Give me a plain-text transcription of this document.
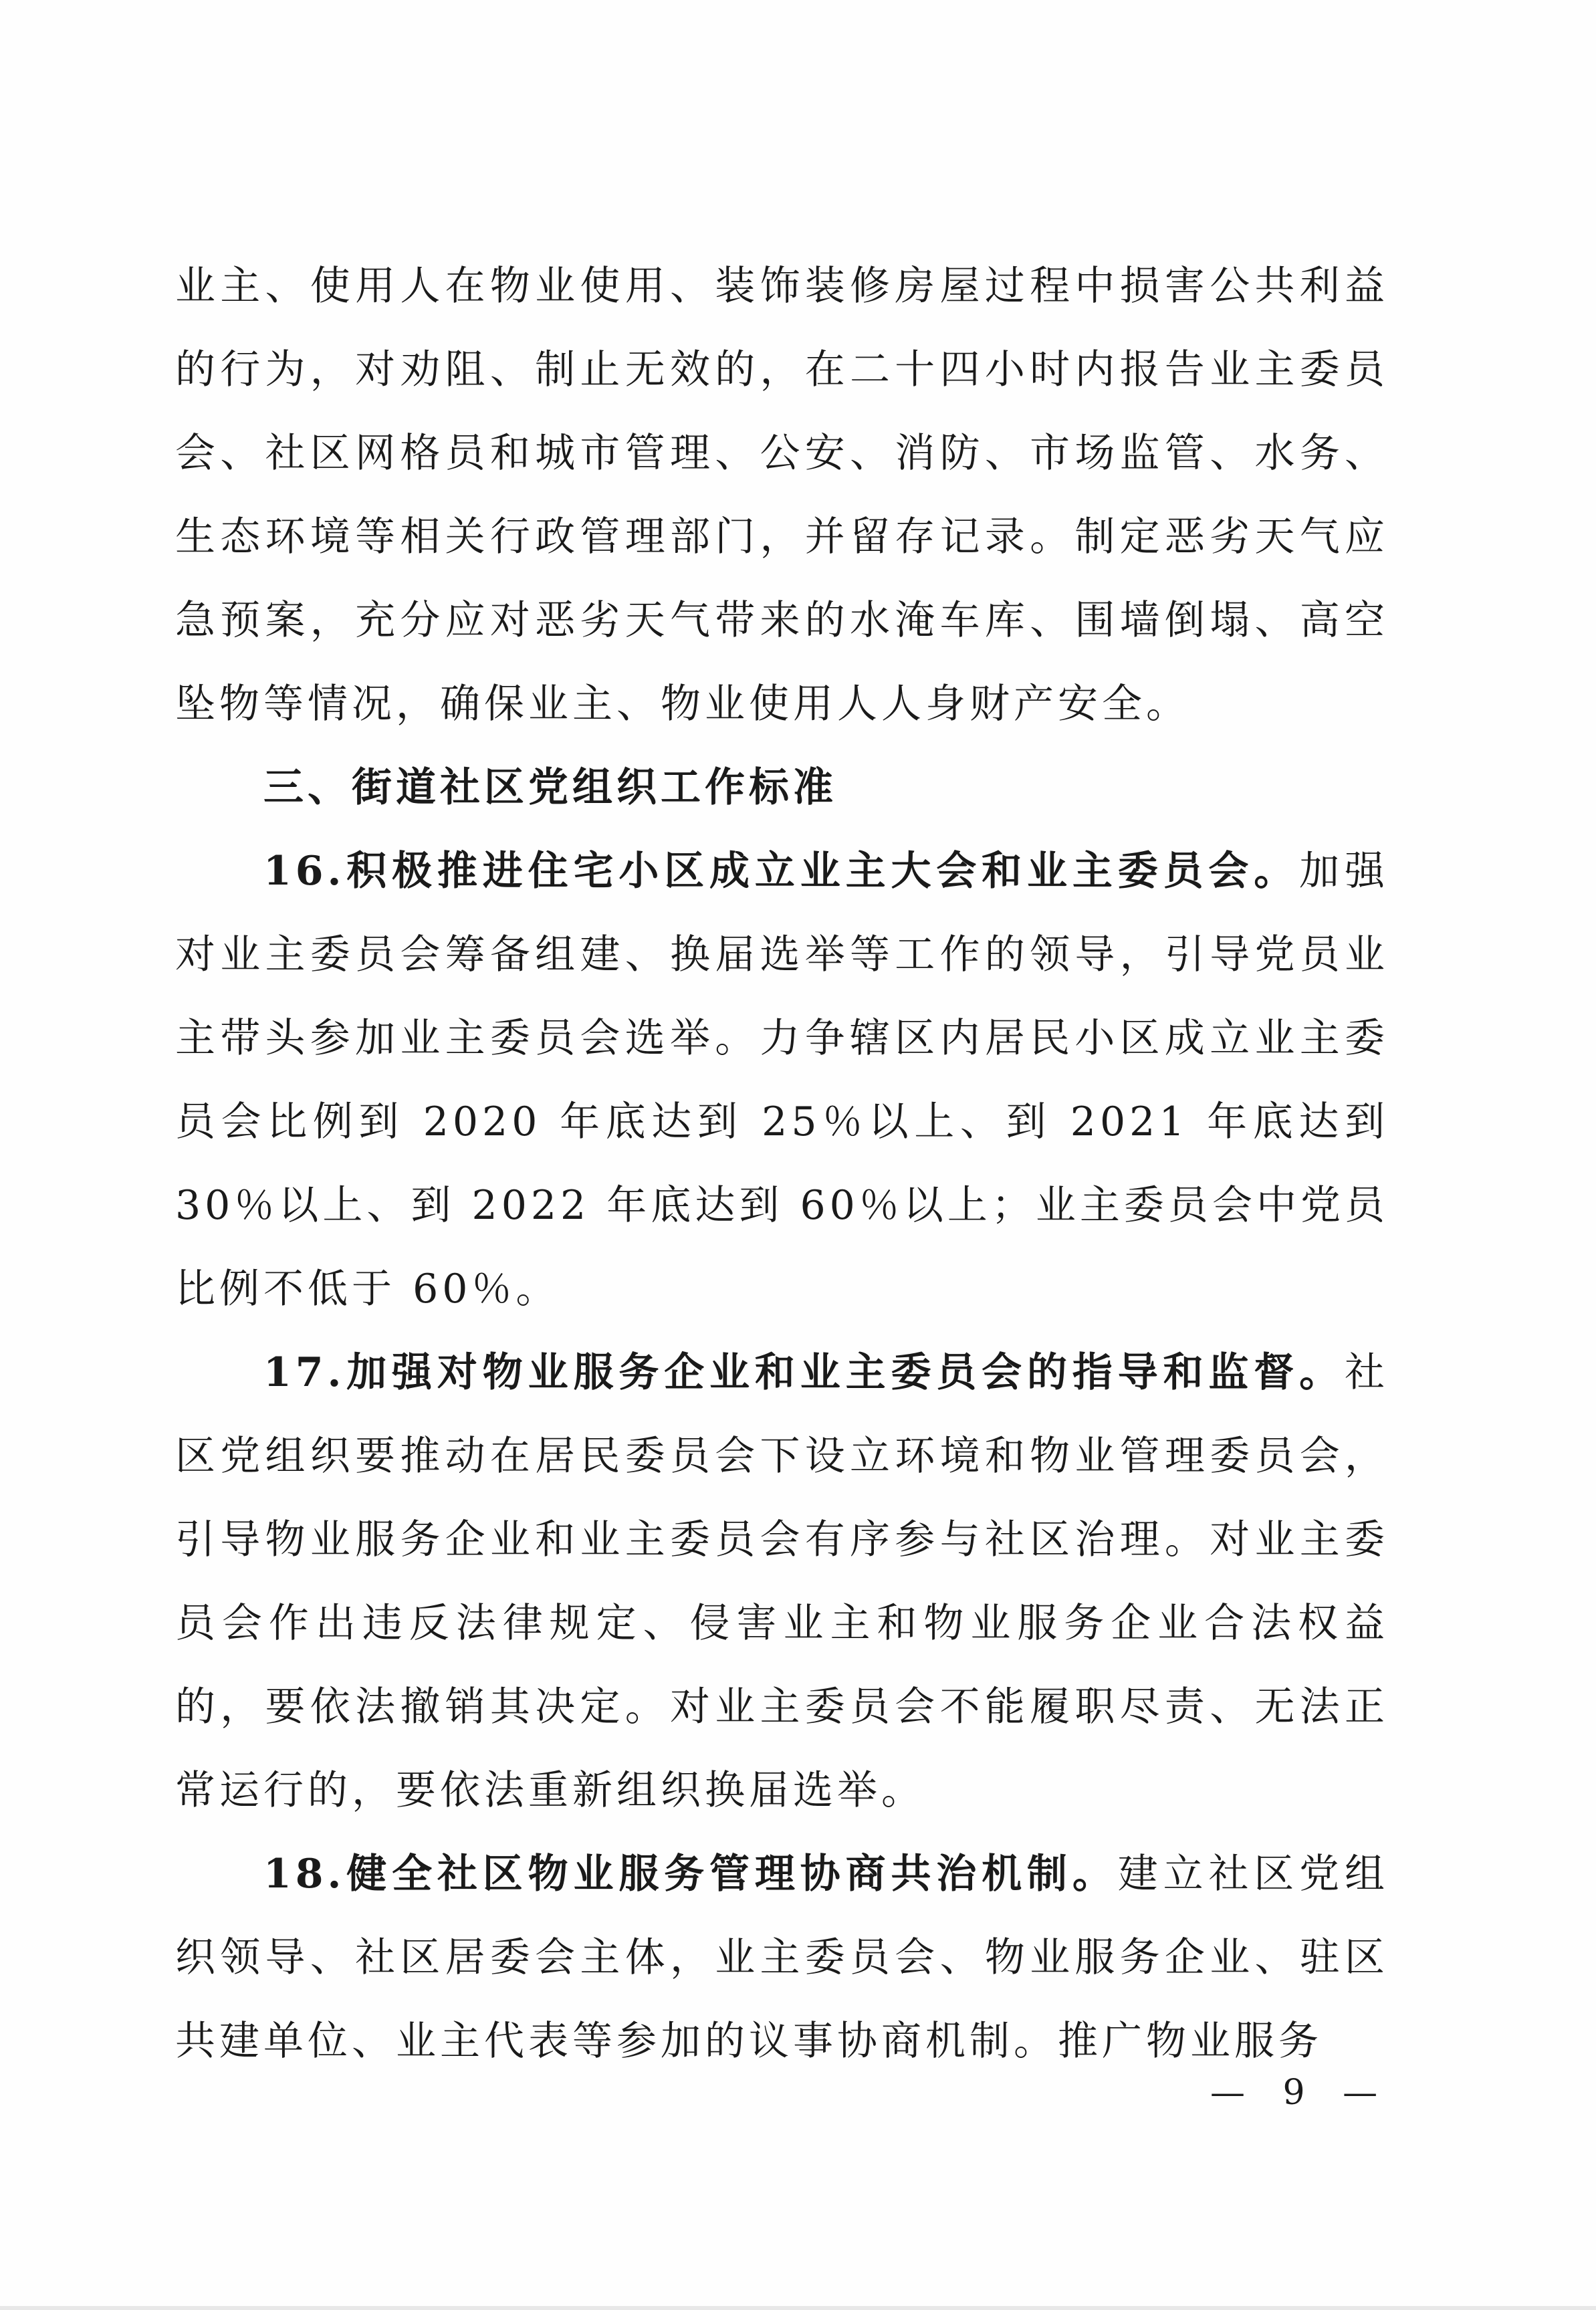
业主、使用人在物业使用、装饰装修房屋过程中损害公共利益的行为，对劝阻、制止无效的，在二十四小时内报告业主委员会、社区网格员和城市管理、公安、消防、市场监管、水务、生态环境等相关行政管理部门，并留存记录。制定恶劣天气应急预案，充分应对恶劣天气带来的水淹车库、围墙倒塌、高空坠物等情况，确保业主、物业使用人人身财产安全。

三、街道社区党组织工作标准

16.积极推进住宅小区成立业主大会和业主委员会。加强对业主委员会筹备组建、换届选举等工作的领导，引导党员业主带头参加业主委员会选举。力争辖区内居民小区成立业主委员会比例到 2020 年底达到 25％以上、到 2021 年底达到 30％以上、到 2022 年底达到 60％以上；业主委员会中党员比例不低于 60％。

17.加强对物业服务企业和业主委员会的指导和监督。社区党组织要推动在居民委员会下设立环境和物业管理委员会，引导物业服务企业和业主委员会有序参与社区治理。对业主委员会作出违反法律规定、侵害业主和物业服务企业合法权益的，要依法撤销其决定。对业主委员会不能履职尽责、无法正常运行的，要依法重新组织换届选举。

18.健全社区物业服务管理协商共治机制。建立社区党组织领导、社区居委会主体，业主委员会、物业服务企业、驻区共建单位、业主代表等参加的议事协商机制。推广物业服务

— 9 —
